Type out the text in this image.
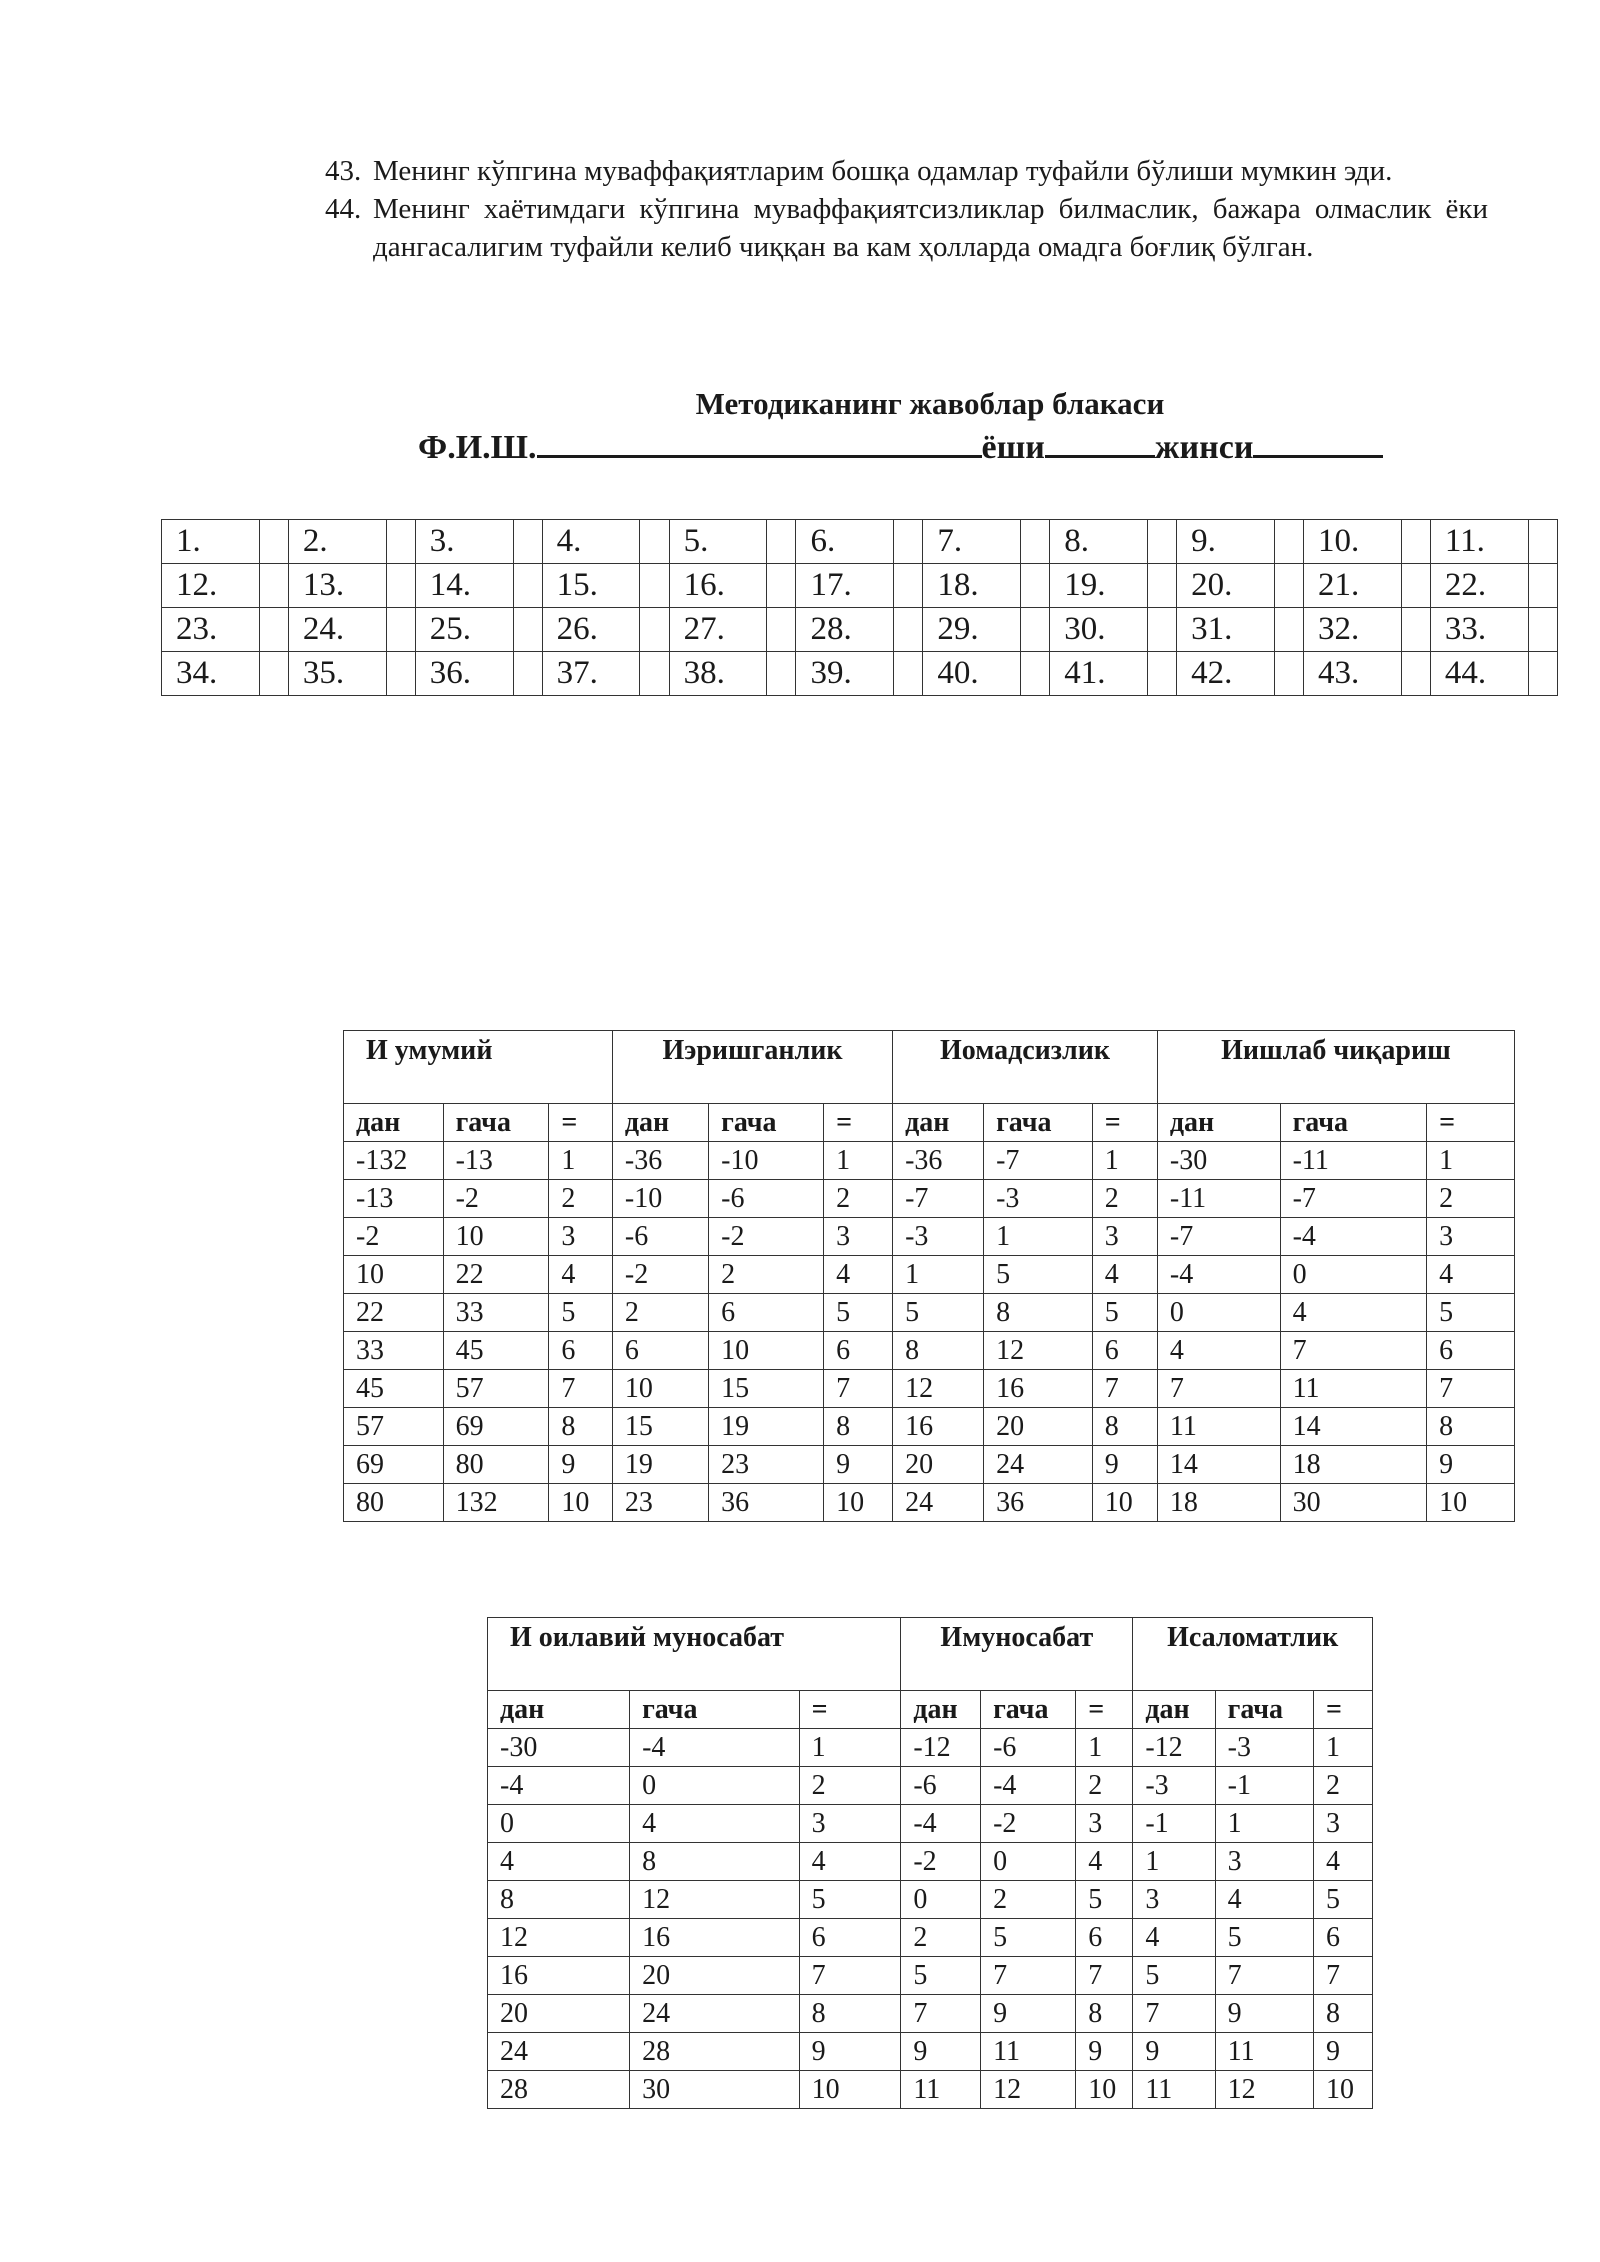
43. Менинг кўпгина муваффақиятларим бошқа одамлар туфайли бўлиши мумкин эди.
44. Менинг хаётимдаги кўпгина муваффақиятсизликлар билмаслик, бажара олмаслик ёки дангасалигим туфайли келиб чиққан ва кам ҳолларда омадга боғлиқ бўлган.
Методиканинг жавоблар блакаси
Ф.И.Ш.	ёши	жинси
1.		2.		3.		4.		5.		6.		7.		8.		9.		10.		11.	
12.		13.		14.		15.		16.		17.		18.		19.		20.		21.		22.	
23.		24.		25.		26.		27.		28.		29.		30.		31.		32.		33.	
34.		35.		36.		37.		38.		39.		40.		41.		42.		43.		44.	
И умумий			Иэришганлик			Иомадсизлик			Иишлаб чиқариш		
дан	гача	=	дан	гача	=	дан	гача	=	дан	гача	=
-132	-13	1	-36	-10	1	-36	-7	1	-30	-11	1
-13	-2	2	-10	-6	2	-7	-3	2	-11	-7	2
-2	10	3	-6	-2	3	-3	1	3	-7	-4	3
10	22	4	-2	2	4	1	5	4	-4	0	4
22	33	5	2	6	5	5	8	5	0	4	5
33	45	6	6	10	6	8	12	6	4	7	6
45	57	7	10	15	7	12	16	7	7	11	7
57	69	8	15	19	8	16	20	8	11	14	8
69	80	9	19	23	9	20	24	9	14	18	9
80	132	10	23	36	10	24	36	10	18	30	10
И оилавий мунoсабат			Имуносабат			Исаломатлик		
дан	гача	=	дан	гача	=	дан	гача	=
-30	-4	1	-12	-6	1	-12	-3	1
-4	0	2	-6	-4	2	-3	-1	2
0	4	3	-4	-2	3	-1	1	3
4	8	4	-2	0	4	1	3	4
8	12	5	0	2	5	3	4	5
12	16	6	2	5	6	4	5	6
16	20	7	5	7	7	5	7	7
20	24	8	7	9	8	7	9	8
24	28	9	9	11	9	9	11	9
28	30	10	11	12	10	11	12	10
